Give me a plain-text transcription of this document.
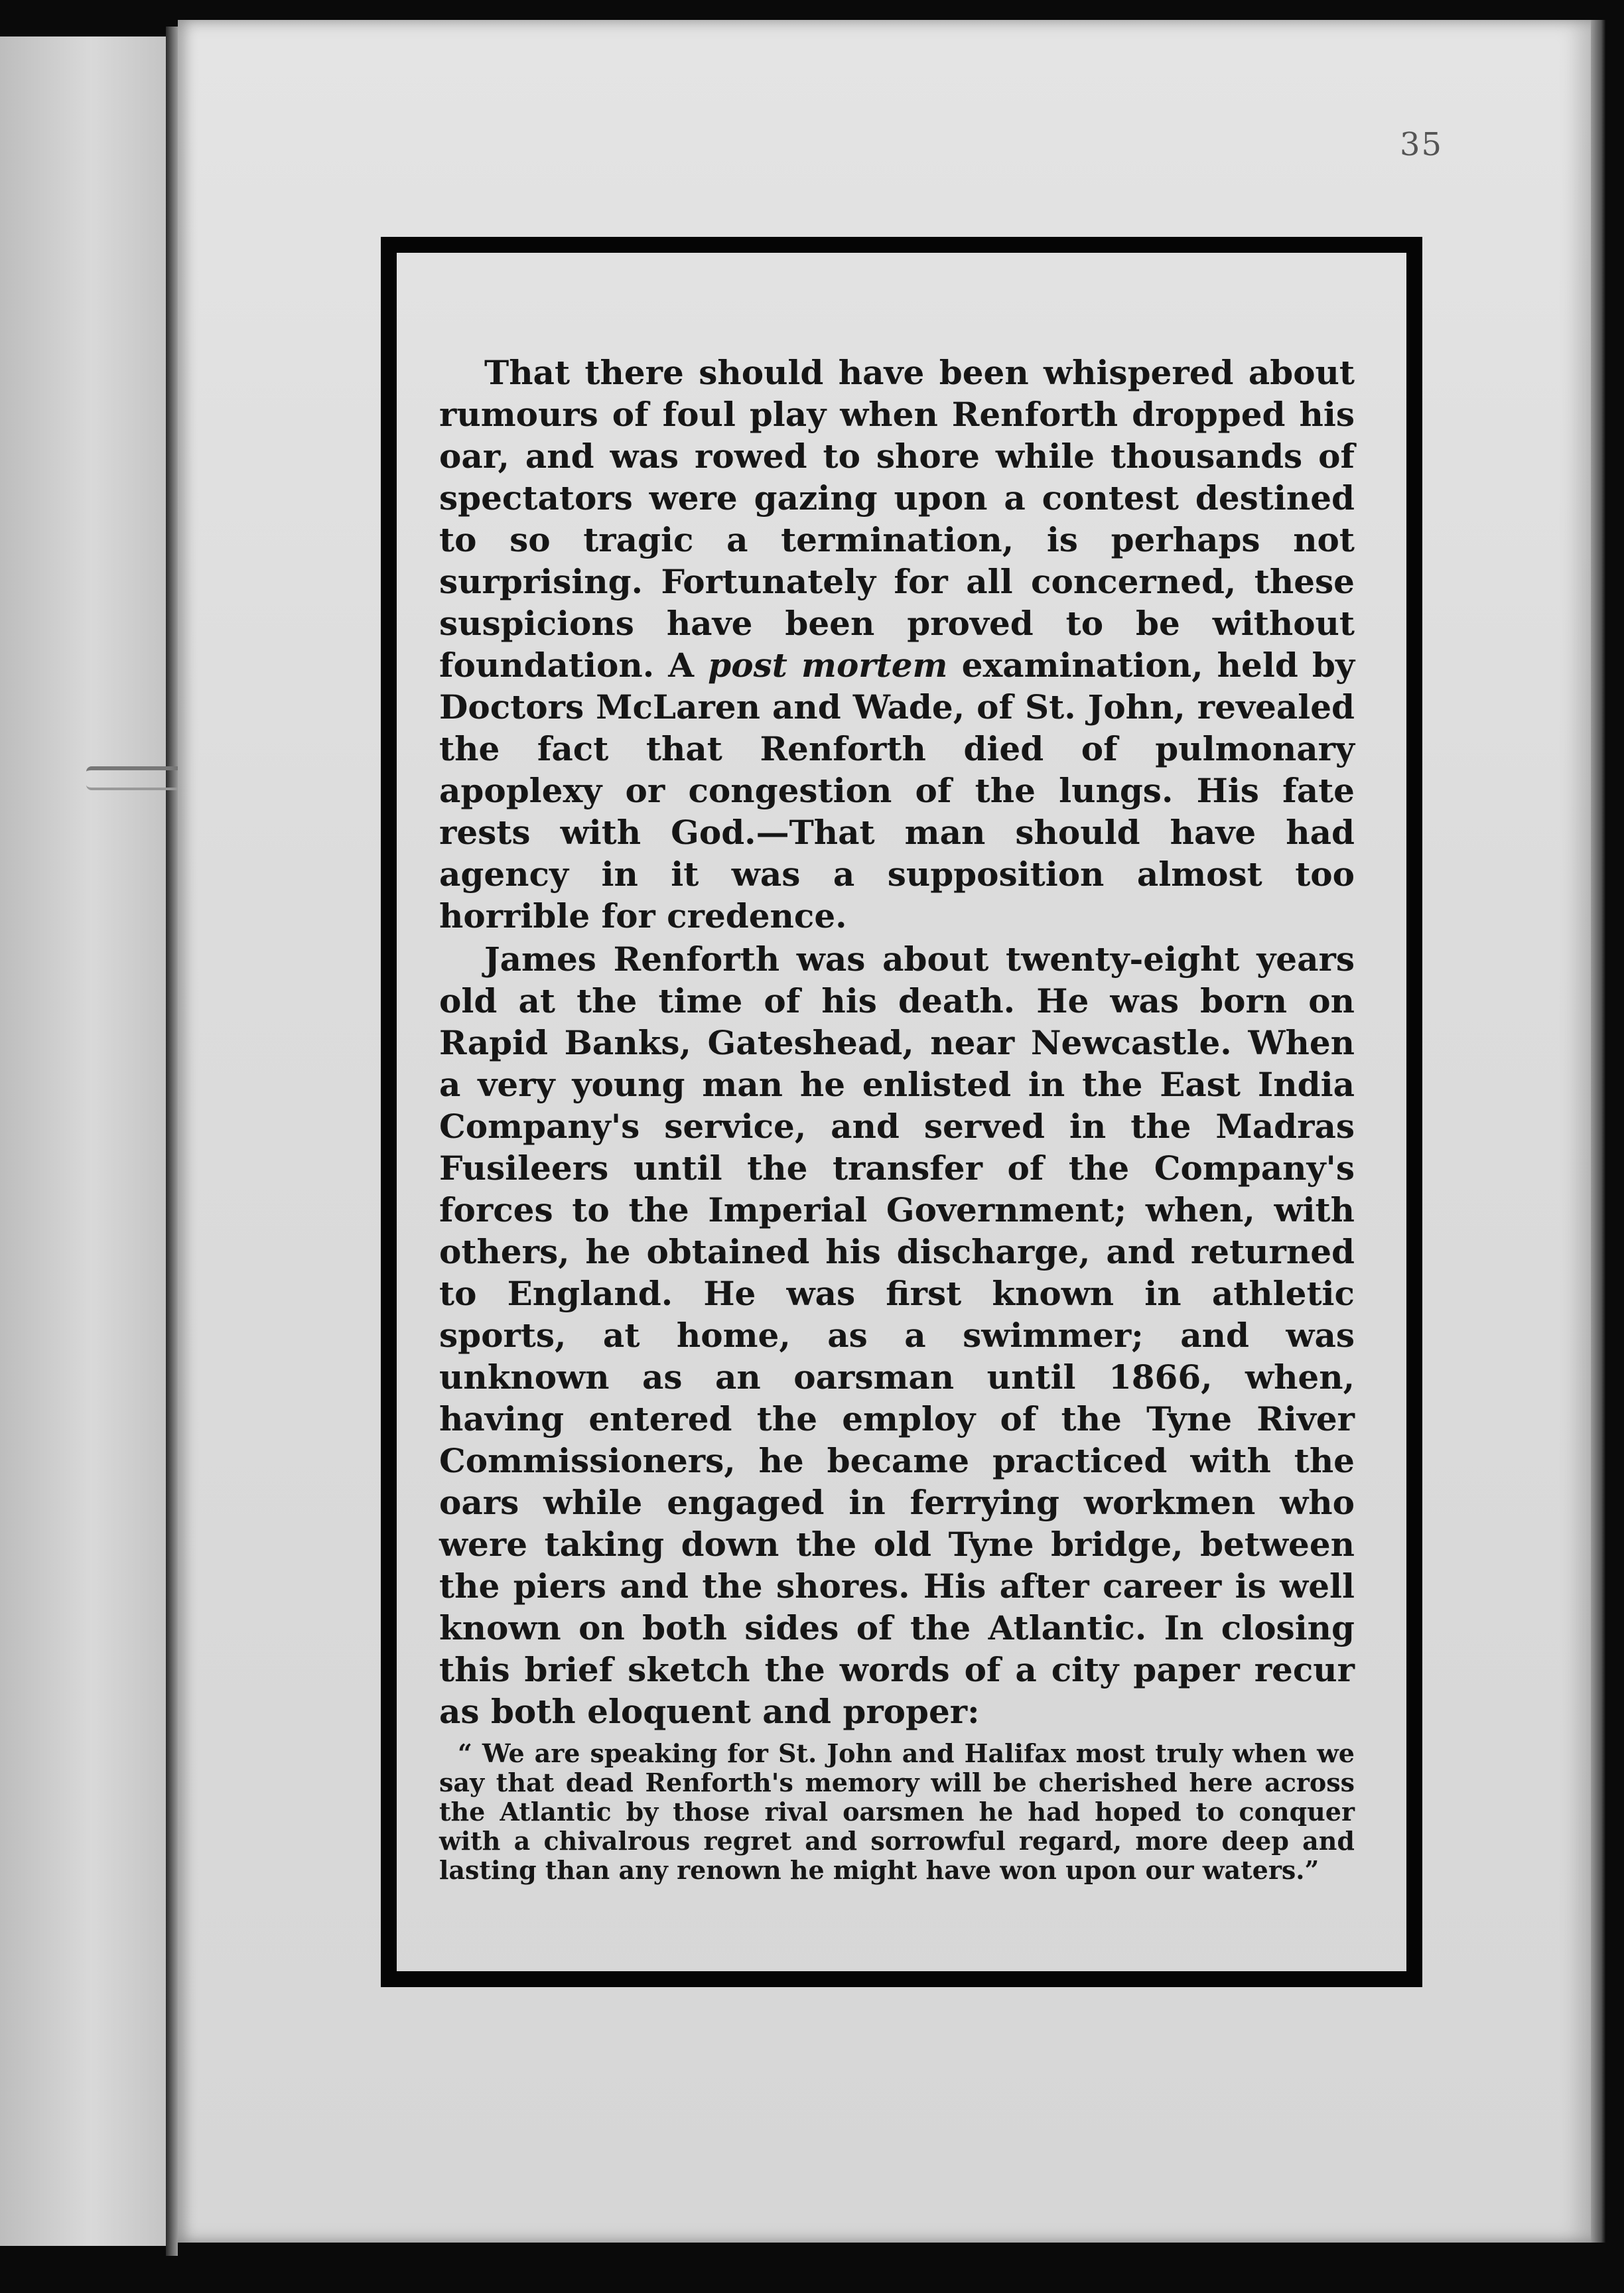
35

That there should have been whispered about rumours of foul play when Renforth dropped his oar, and was rowed to shore while thousands of spectators were gazing upon a contest destined to so tragic a termination, is perhaps not surprising. Fortunately for all concerned, these suspicions have been proved to be without foundation. A post mortem examination, held by Doctors McLaren and Wade, of St. John, revealed the fact that Renforth died of pulmonary apoplexy or congestion of the lungs. His fate rests with God.—That man should have had agency in it was a supposition almost too horrible for credence.

James Renforth was about twenty-eight years old at the time of his death. He was born on Rapid Banks, Gateshead, near Newcastle. When a very young man he enlisted in the East India Company's service, and served in the Madras Fusileers until the transfer of the Company's forces to the Imperial Government; when, with others, he obtained his discharge, and returned to England. He was first known in athletic sports, at home, as a swimmer; and was unknown as an oarsman until 1866, when, having entered the employ of the Tyne River Commissioners, he became practiced with the oars while engaged in ferrying workmen who were taking down the old Tyne bridge, between the piers and the shores. His after career is well known on both sides of the Atlantic. In closing this brief sketch the words of a city paper recur as both eloquent and proper:

“ We are speaking for St. John and Halifax most truly when we say that dead Renforth's memory will be cherished here across the Atlantic by those rival oarsmen he had hoped to conquer with a chivalrous regret and sorrowful regard, more deep and lasting than any renown he might have won upon our waters.”
